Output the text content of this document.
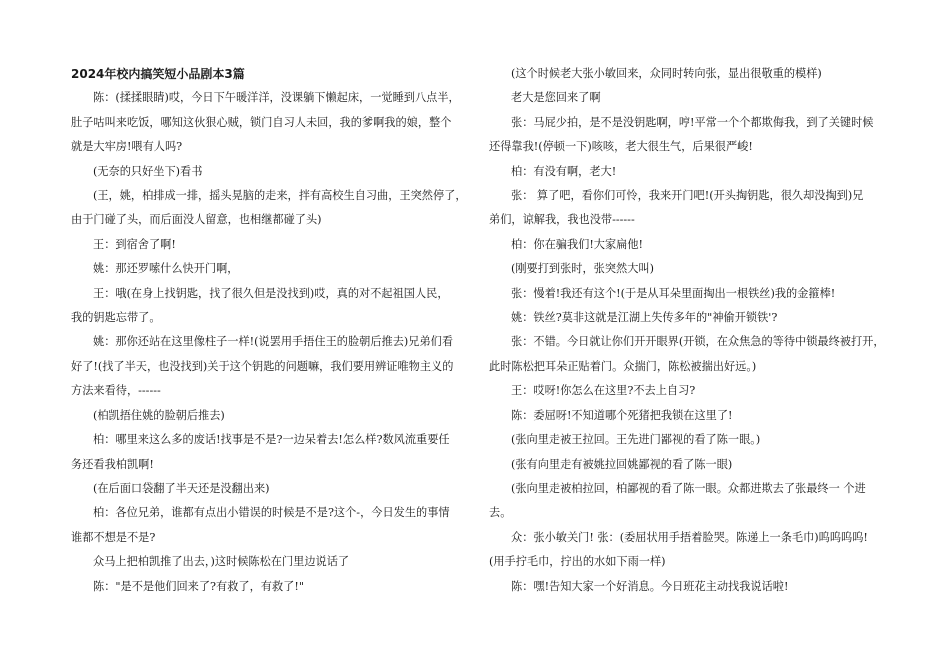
2024年校内搞笑短小品剧本3篇

陈：(揉揉眼睛)哎，今日下午暖洋洋，没课躺下懒起床，一觉睡到八点半，

肚子咕叫来吃饭，哪知这伙狠心贼，锁门自习人未回，我的爹啊我的娘，整个

就是大牢房!喂有人吗?

(无奈的只好坐下)看书

(王，姚，柏排成一排，摇头晃脑的走来，拌有高校生自习曲，王突然停了，

由于门碰了头，而后面没人留意，也相继都碰了头)

王：到宿舍了啊!

姚：那还罗嗦什么快开门啊，

王：哦(在身上找钥匙，找了很久但是没找到)哎，真的对不起祖国人民，

我的钥匙忘带了。

姚：那你还站在这里像柱子一样!(说罢用手捂住王的脸朝后推去)兄弟们看

好了!(找了半天，也没找到)关于这个钥匙的问题嘛，我们要用辨证唯物主义的

方法来看待，------

(柏凯捂住姚的脸朝后推去)

柏：哪里来这么多的废话!找事是不是?一边呆着去!怎么样?数风流重要任

务还看我柏凯啊!

(在后面口袋翻了半天还是没翻出来)

柏：各位兄弟，谁都有点出小错误的时候是不是?这个-，今日发生的事情

谁都不想是不是?

众马上把柏凯推了出去，)这时候陈松在门里边说话了

陈："是不是他们回来了?有救了，有救了!"

(这个时候老大张小敏回来，众同时转向张，显出很敬重的模样)

老大是您回来了啊

张：马屁少拍，是不是没钥匙啊，哼!平常一个个都欺侮我，到了关键时候

还得靠我!(停顿一下)咳咳，老大很生气，后果很严峻!

柏：有没有啊，老大!

张： 算了吧，看你们可怜，我来开门吧!(开头掏钥匙，很久却没掏到)兄

弟们，谅解我，我也没带------

柏：你在骗我们!大家扁他!

(刚要打到张时，张突然大叫)

张：慢着!我还有这个!(于是从耳朵里面掏出一根铁丝)我的金箍棒!

姚：铁丝?莫非这就是江湖上失传多年的"神偷开锁铁'?

张：不错。今日就让你们开开眼界(开锁，在众焦急的等待中锁最终被打开，

此时陈松把耳朵正贴着门。众揣门，陈松被揣出好远。)

王：哎呀!你怎么在这里?不去上自习?

陈：委屈呀!不知道哪个死猪把我锁在这里了!

(张向里走被王拉回。王先进门鄙视的看了陈一眼。)

(张有向里走有被姚拉回姚鄙视的看了陈一眼)

(张向里走被柏拉回，柏鄙视的看了陈一眼。众都进欺去了张最终一 个进

去。

众：张小敏关门! 张：(委屈状用手捂着脸哭。陈递上一条毛巾)呜呜呜呜!

(用手拧毛巾，拧出的水如下雨一样)

陈：嘿!告知大家一个好消息。今日班花主动找我说话啦!
